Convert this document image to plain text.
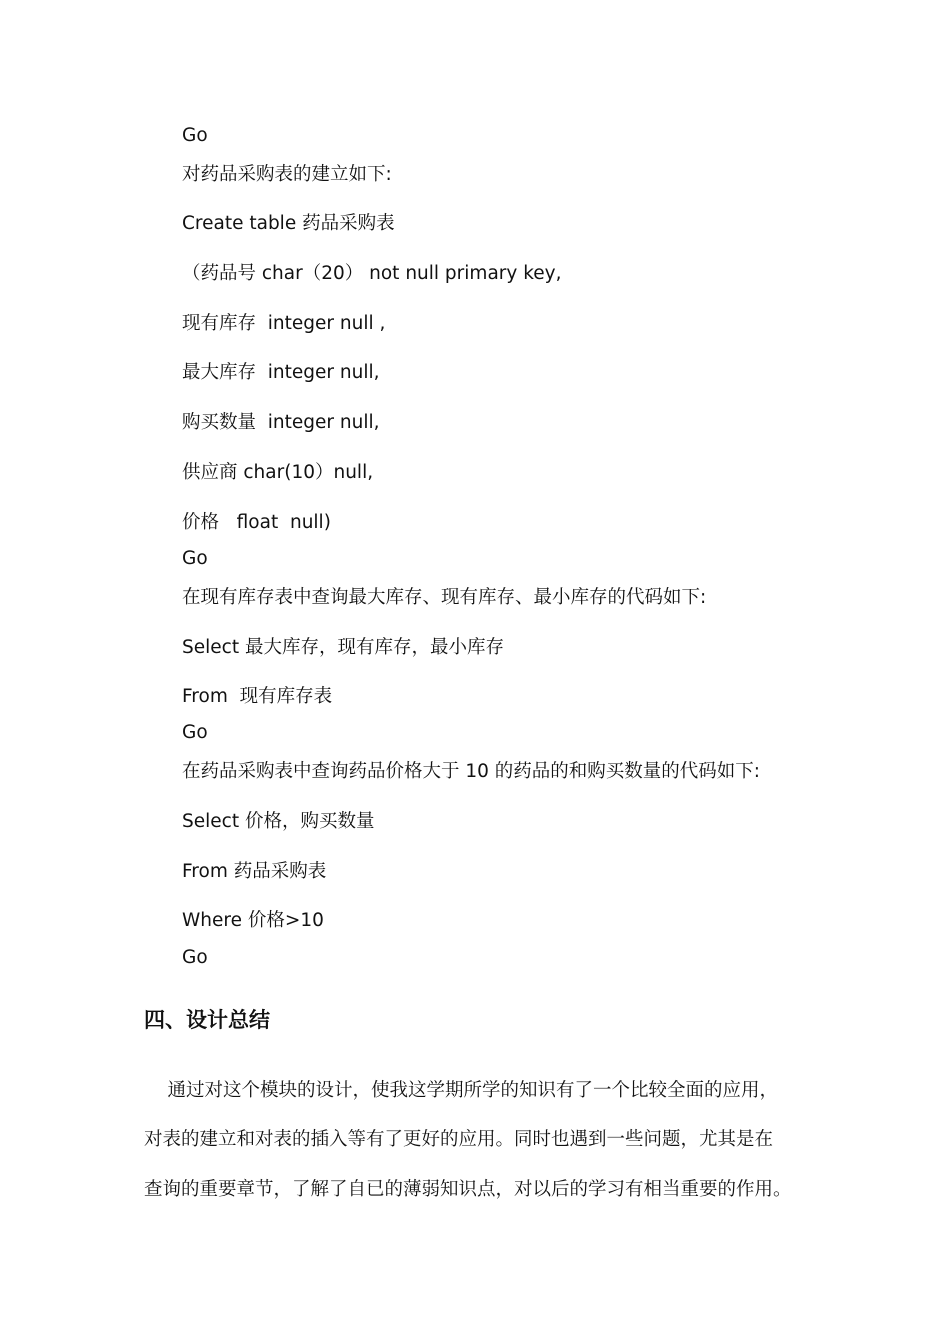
Go
对药品采购表的建立如下:
Create table 药品采购表
（药品号 char（20） not null primary key,
现有库存  integer null ,
最大库存  integer null,
购买数量  integer null,
供应商 char(10）null,
价格   float  null)
Go
在现有库存表中查询最大库存、现有库存、最小库存的代码如下:
Select 最大库存，现有库存，最小库存
From  现有库存表
Go
在药品采购表中查询药品价格大于 10 的药品的和购买数量的代码如下:
Select 价格，购买数量
From 药品采购表
Where 价格>10
Go
四、设计总结
通过对这个模块的设计，使我这学期所学的知识有了一个比较全面的应用，
对表的建立和对表的插入等有了更好的应用。同时也遇到一些问题，尤其是在
查询的重要章节，了解了自已的薄弱知识点，对以后的学习有相当重要的作用。
